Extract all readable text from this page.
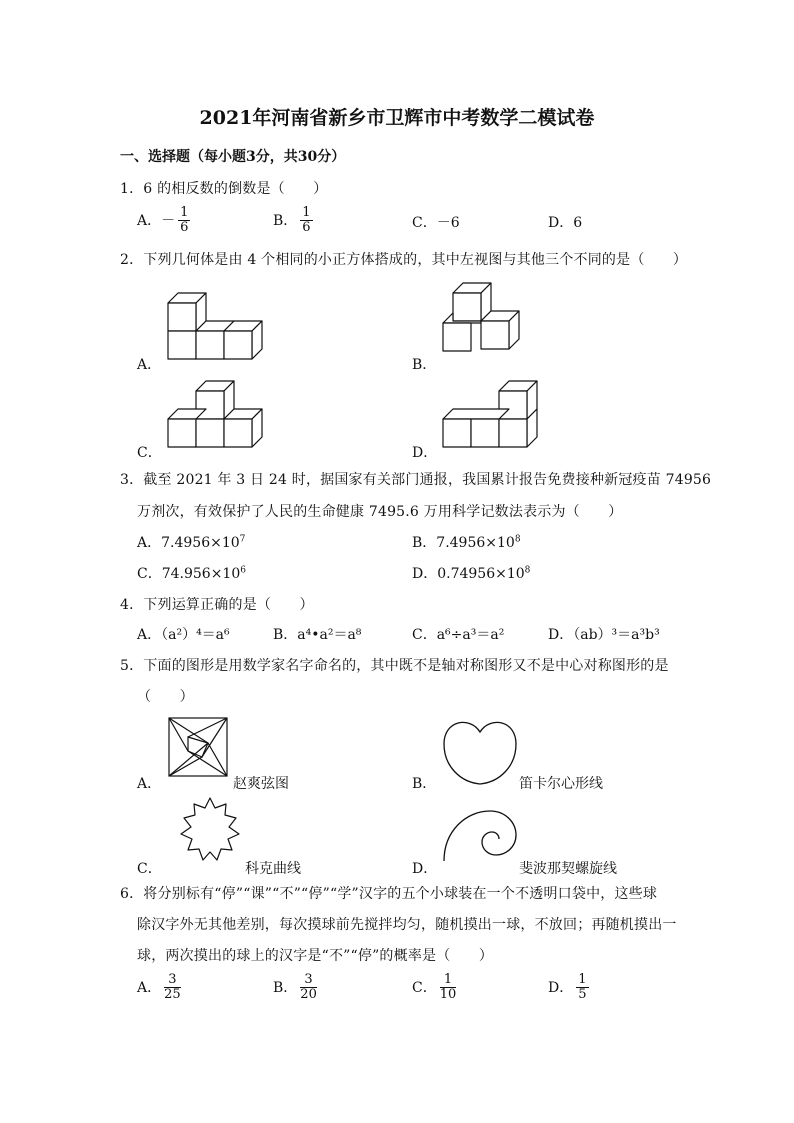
2021年河南省新乡市卫辉市中考数学二模试卷
一、选择题（每小题3分，共30分）
1．6 的相反数的倒数是（　　）
A．－ $\frac{1}{6}$	B． $\frac{1}{6}$	C．－6	D．6
2．下列几何体是由 4 个相同的小正方体搭成的，其中左视图与其他三个不同的是（　　）
A．	B．
C．	D．
3．截至 2021 年 3 日 24 时，据国家有关部门通报，我国累计报告免费接种新冠疫苗 74956
万剂次，有效保护了人民的生命健康 7495.6 万用科学记数法表示为（　　）
A．$7.4956\times 10^7$	B．$7.4956\times 10^8$
C．$74.956\times 10^6$	D．$0.74956\times 10^8$
4．下列运算正确的是（　　）
A．（a²）⁴＝a⁶	B．a⁴•a²＝a⁸	C．a⁶÷a³＝a²	D．（ab）³＝a³b³
5．下面的图形是用数学家名字命名的，其中既不是轴对称图形又不是中心对称图形的是
（　　）
A．	赵爽弦图	B．	笛卡尔心形线
C．	科克曲线	D．	斐波那契螺旋线
6．将分别标有“停”“课”“不”“停”“学”汉字的五个小球装在一个不透明口袋中，这些球
除汉字外无其他差别，每次摸球前先搅拌均匀，随机摸出一球，不放回；再随机摸出一
球，两次摸出的球上的汉字是“不”“停”的概率是（　　）
A． $\frac{3}{25}$	B． $\frac{3}{20}$	C． $\frac{1}{10}$	D． $\frac{1}{5}$
